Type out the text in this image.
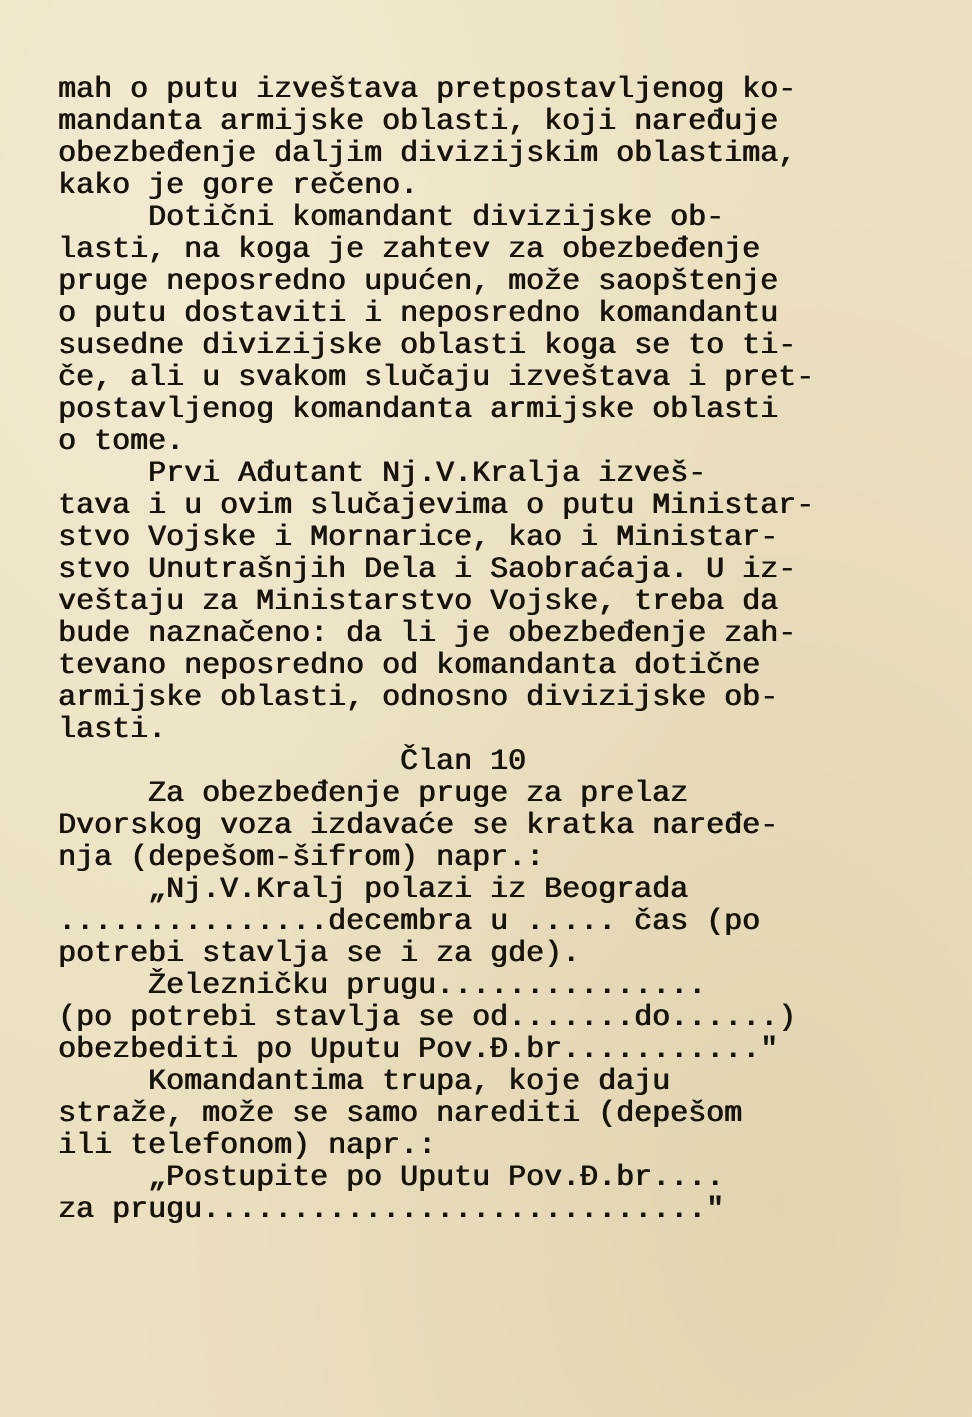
mah o putu izveštava pretpostavljenog ko-
mandanta armijske oblasti, koji naređuje
obezbeđenje daljim divizijskim oblastima,
kako je gore rečeno.
Dotični komandant divizijske ob-
lasti, na koga je zahtev za obezbeđenje
pruge neposredno upućen, može saopštenje
o putu dostaviti i neposredno komandantu
susedne divizijske oblasti koga se to ti-
če, ali u svakom slučaju izveštava i pret-
postavljenog komandanta armijske oblasti
o tome.
Prvi Ađutant Nj.V.Kralja izveš-
tava i u ovim slučajevima o putu Ministar-
stvo Vojske i Mornarice, kao i Ministar-
stvo Unutrašnjih Dela i Saobraćaja. U iz-
veštaju za Ministarstvo Vojske, treba da
bude naznačeno: da li je obezbeđenje zah-
tevano neposredno od komandanta dotične
armijske oblasti, odnosno divizijske ob-
lasti.
Član 10
Za obezbeđenje pruge za prelaz
Dvorskog voza izdavaće se kratka naređe-
nja (depešom-šifrom) napr.:
„Nj.V.Kralj polazi iz Beograda
...............decembra u ..... čas (po
potrebi stavlja se i za gde).
Železničku prugu...............
(po potrebi stavlja se od.......do......)
obezbediti po Uputu Pov.Đ.br..........."
Komandantima trupa, koje daju
straže, može se samo narediti (depešom
ili telefonom) napr.:
„Postupite po Uputu Pov.Đ.br....
za prugu............................"
